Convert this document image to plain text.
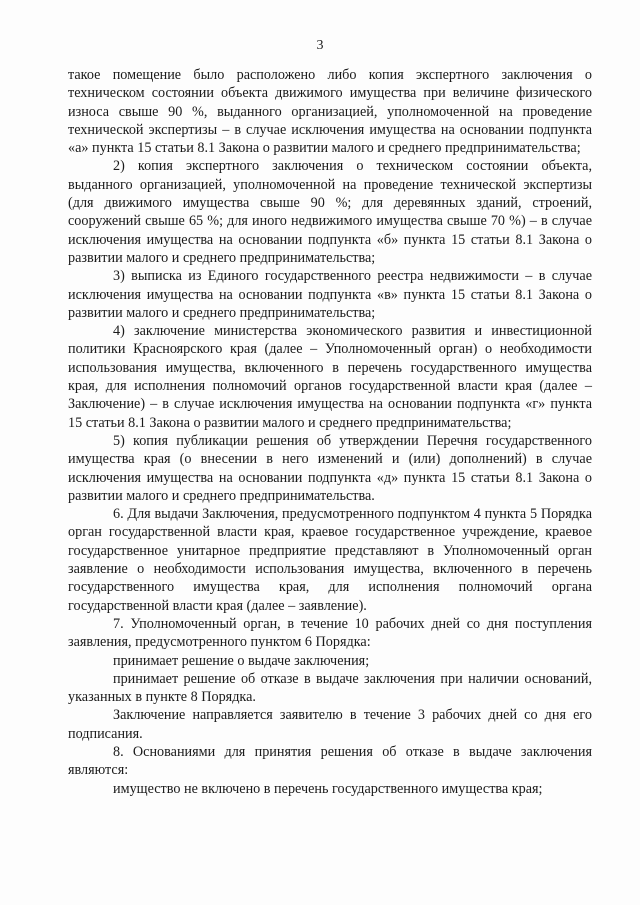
3

такое помещение было расположено либо копия экспертного заключения о техническом состоянии объекта движимого имущества при величине физического износа свыше 90 %, выданного организацией, уполномоченной на проведение технической экспертизы – в случае исключения имущества на основании подпункта «а» пункта 15 статьи 8.1 Закона о развитии малого и среднего предпринимательства;

2) копия экспертного заключения о техническом состоянии объекта, выданного организацией, уполномоченной на проведение технической экспертизы (для движимого имущества свыше 90 %; для деревянных зданий, строений, сооружений свыше 65 %; для иного недвижимого имущества свыше 70 %) – в случае исключения имущества на основании подпункта «б» пункта 15 статьи 8.1 Закона о развитии малого и среднего предпринимательства;

3) выписка из Единого государственного реестра недвижимости – в случае исключения имущества на основании подпункта «в» пункта 15 статьи 8.1 Закона о развитии малого и среднего предпринимательства;

4) заключение министерства экономического развития и инвестиционной политики Красноярского края (далее – Уполномоченный орган) о необходимости использования имущества, включенного в перечень государственного имущества края, для исполнения полномочий органов государственной власти края (далее – Заключение) – в случае исключения имущества на основании подпункта «г» пункта 15 статьи 8.1 Закона о развитии малого и среднего предпринимательства;

5) копия публикации решения об утверждении Перечня государственного имущества края (о внесении в него изменений и (или) дополнений) в случае исключения имущества на основании подпункта «д» пункта 15 статьи 8.1 Закона о развитии малого и среднего предпринимательства.

6. Для выдачи Заключения, предусмотренного подпунктом 4 пункта 5 Порядка орган государственной власти края, краевое государственное учреждение, краевое государственное унитарное предприятие представляют в Уполномоченный орган заявление о необходимости использования имущества, включенного в перечень государственного имущества края, для исполнения полномочий органа государственной власти края (далее – заявление).

7. Уполномоченный орган, в течение 10 рабочих дней со дня поступления заявления, предусмотренного пунктом 6 Порядка:

принимает решение о выдаче заключения;

принимает решение об отказе в выдаче заключения при наличии оснований, указанных в пункте 8 Порядка.

Заключение направляется заявителю в течение 3 рабочих дней со дня его подписания.

8. Основаниями для принятия решения об отказе в выдаче заключения являются:

имущество не включено в перечень государственного имущества края;
